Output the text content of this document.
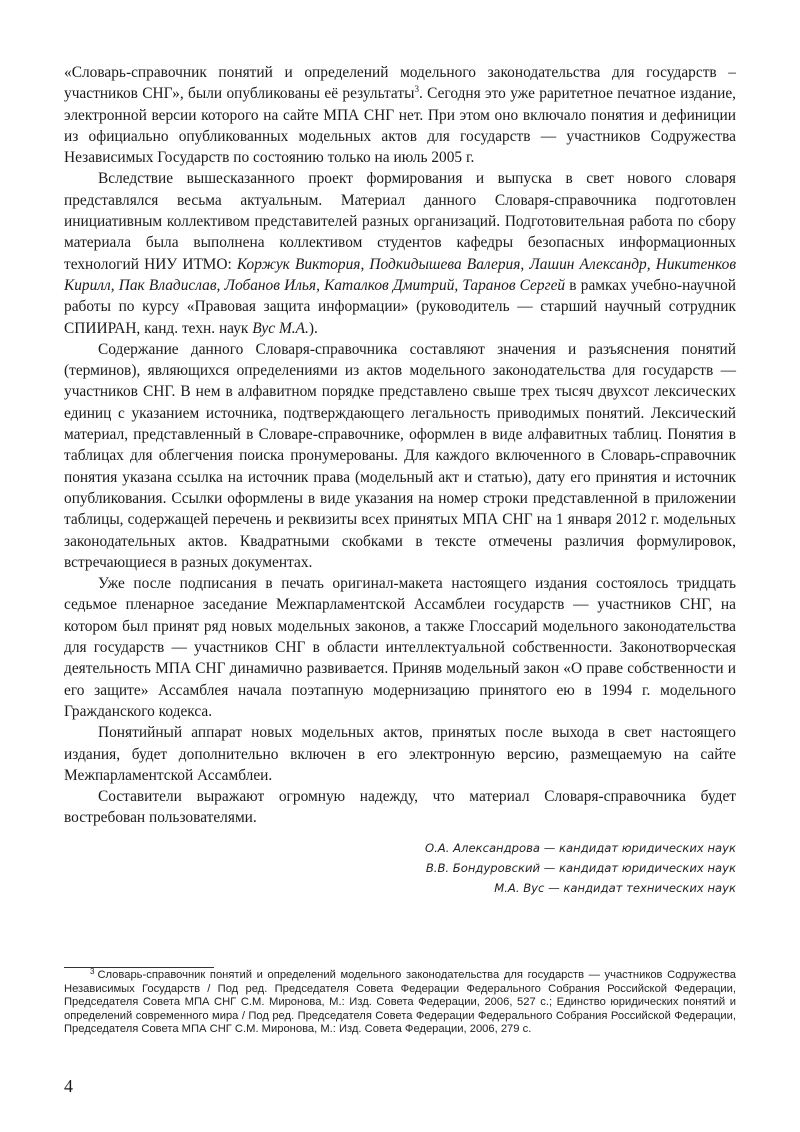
«Словарь-справочник понятий и определений модельного законодательства для государств – участников СНГ», были опубликованы её результаты$^3$. Сегодня это уже раритетное печатное издание, электронной версии которого на сайте МПА СНГ нет. При этом оно включало понятия и дефиниции из официально опубликованных модельных актов для государств — участников Содружества Независимых Государств по состоянию только на июль 2005 г.

Вследствие вышесказанного проект формирования и выпуска в свет нового словаря представлялся весьма актуальным. Материал данного Словаря-справочника подготовлен инициативным коллективом представителей разных организаций. Подготовительная работа по сбору материала была выполнена коллективом студентов кафедры безопасных информационных технологий НИУ ИТМО: Коржук Виктория, Подкидышева Валерия, Лашин Александр, Никитенков Кирилл, Пак Владислав, Лобанов Илья, Каталков Дмитрий, Таранов Сергей в рамках учебно-научной работы по курсу «Правовая защита информации» (руководитель — старший научный сотрудник СПИИРАН, канд. техн. наук Вус М.А.).

Содержание данного Словаря-справочника составляют значения и разъяснения понятий (терминов), являющихся определениями из актов модельного законодательства для государств — участников СНГ. В нем в алфавитном порядке представлено свыше трех тысяч двухсот лексических единиц с указанием источника, подтверждающего легальность приводимых понятий. Лексический материал, представленный в Словаре-справочнике, оформлен в виде алфавитных таблиц. Понятия в таблицах для облегчения поиска пронумерованы. Для каждого включенного в Словарь-справочник понятия указана ссылка на источник права (модельный акт и статью), дату его принятия и источник опубликования. Ссылки оформлены в виде указания на номер строки представленной в приложении таблицы, содержащей перечень и реквизиты всех принятых МПА СНГ на 1 января 2012 г. модельных законодательных актов. Квадратными скобками в тексте отмечены различия формулировок, встречающиеся в разных документах.

Уже после подписания в печать оригинал-макета настоящего издания состоялось тридцать седьмое пленарное заседание Межпарламентской Ассамблеи государств — участников СНГ, на котором был принят ряд новых модельных законов, а также Глоссарий модельного законодательства для государств — участников СНГ в области интеллектуальной собственности. Законотворческая деятельность МПА СНГ динамично развивается. Приняв модельный закон «О праве собственности и его защите» Ассамблея начала поэтапную модернизацию принятого ею в 1994 г. модельного Гражданского кодекса.

Понятийный аппарат новых модельных актов, принятых после выхода в свет настоящего издания, будет дополнительно включен в его электронную версию, размещаемую на сайте Межпарламентской Ассамблеи.

Составители выражают огромную надежду, что материал Словаря-справочника будет востребован пользователями.

О.А. Александрова — кандидат юридических наук
В.В. Бондуровский — кандидат юридических наук
М.А. Вус — кандидат технических наук
$^3$ Словарь-справочник понятий и определений модельного законодательства для государств — участников Содружества Независимых Государств / Под ред. Председателя Совета Федерации Федерального Собрания Российской Федерации, Председателя Совета МПА СНГ С.М. Миронова, М.: Изд. Совета Федерации, 2006, 527 с.; Единство юридических понятий и определений современного мира / Под ред. Председателя Совета Федерации Федерального Собрания Российской Федерации, Председателя Совета МПА СНГ С.М. Миронова, М.: Изд. Совета Федерации, 2006, 279 с.
4
